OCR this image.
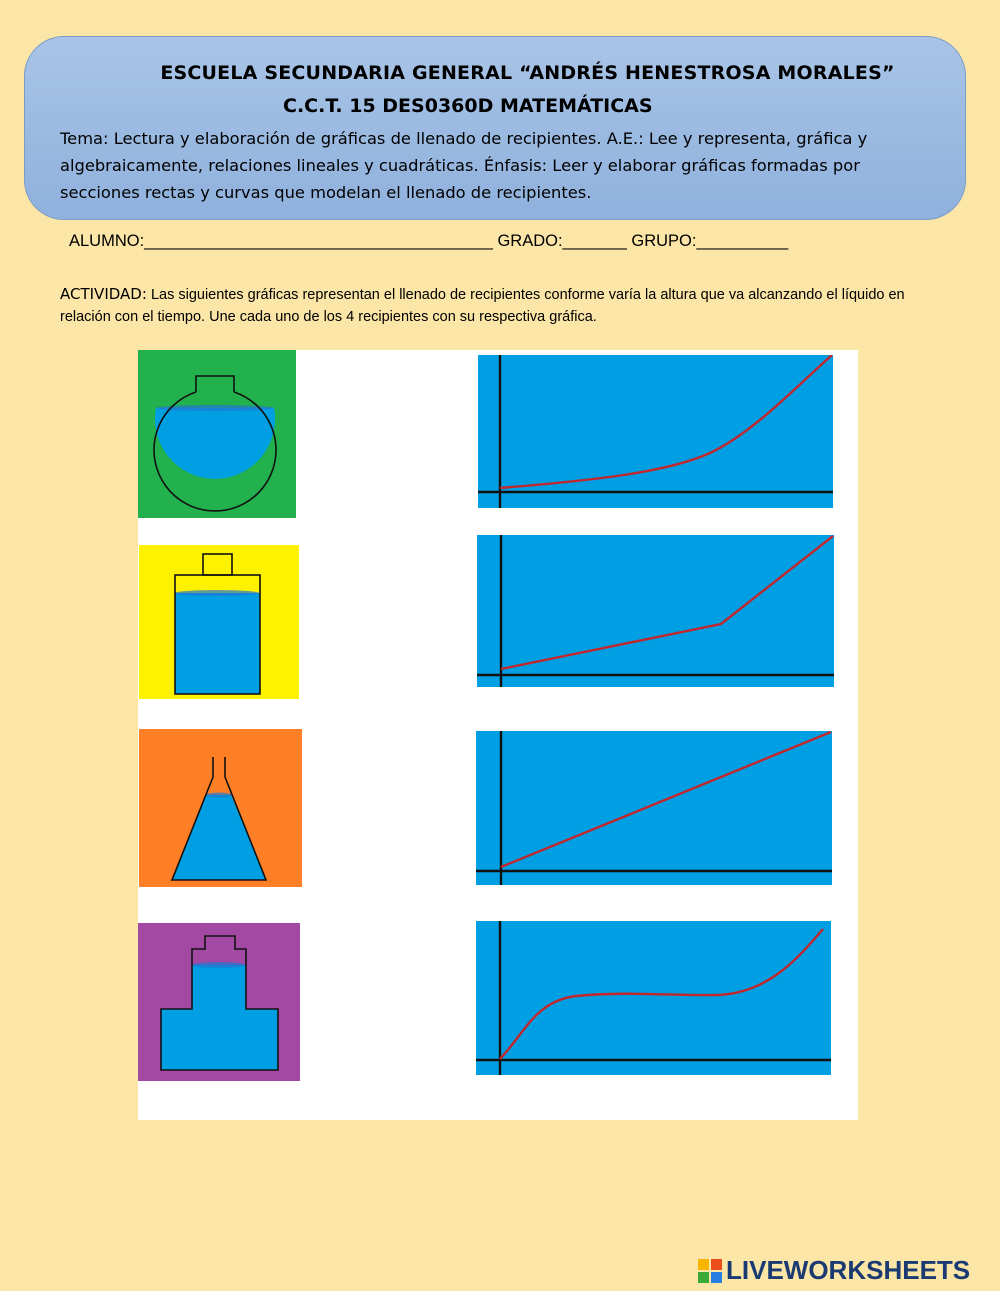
ESCUELA SECUNDARIA GENERAL “ANDRÉS HENESTROSA MORALES”
C.C.T. 15 DES0360D MATEMÁTICAS
Tema: Lectura y elaboración de gráficas de llenado de recipientes. A.E.: Lee y representa, gráfica y algebraicamente, relaciones lineales y cuadráticas. Énfasis: Leer y elaborar gráficas formadas por secciones rectas y curvas que modelan el llenado de recipientes.
ALUMNO:______________________________________ GRADO:_______ GRUPO:__________
ACTIVIDAD: Las siguientes gráficas representan el llenado de recipientes conforme varía la altura que va alcanzando el líquido en relación con el tiempo. Une cada uno de los 4 recipientes con su respectiva gráfica.
LIVEWORKSHEETS
